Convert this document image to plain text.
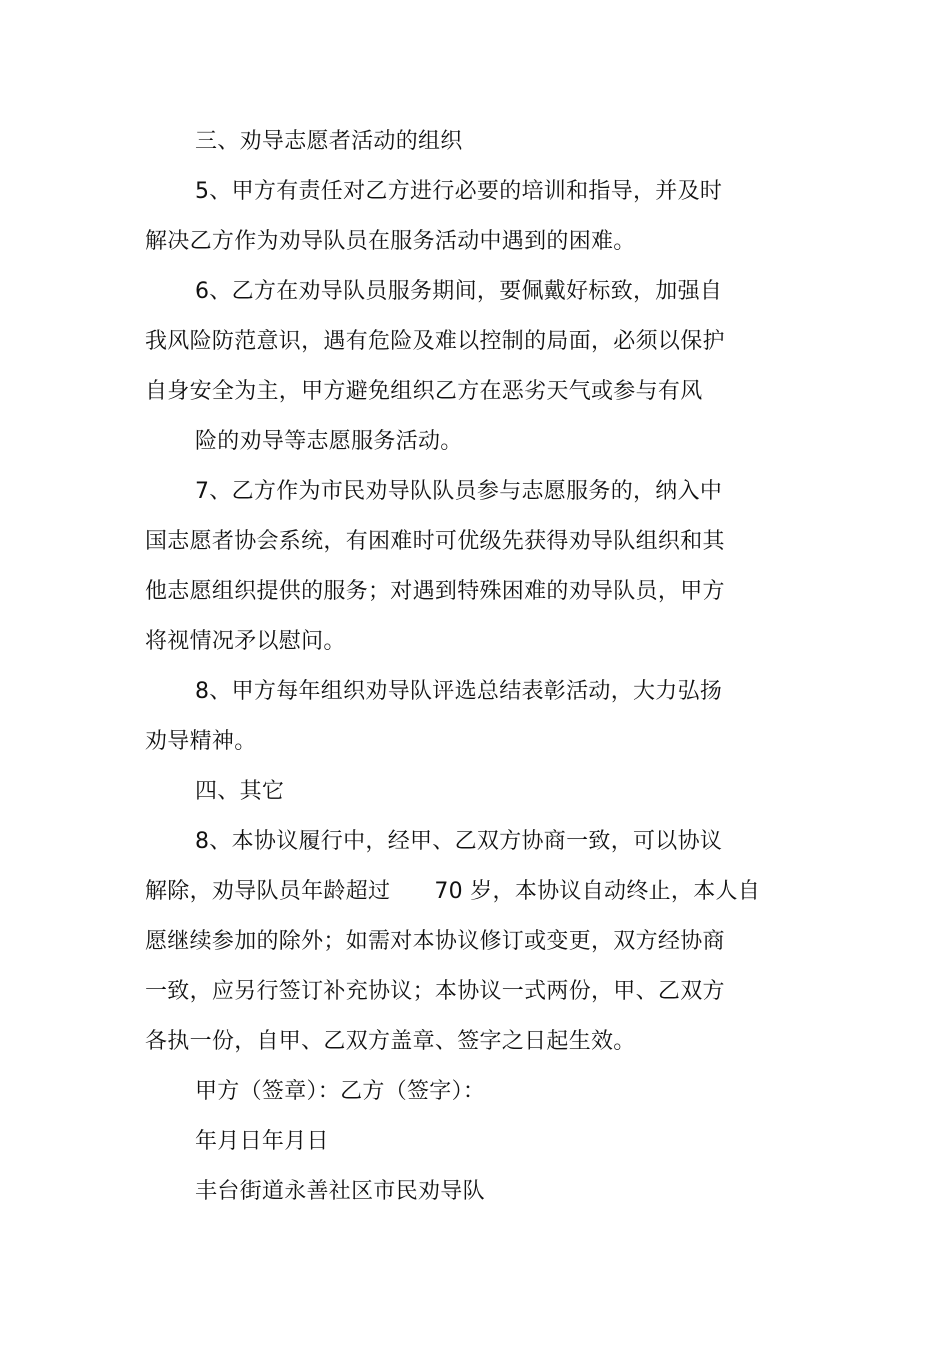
三、劝导志愿者活动的组织
5、甲方有责任对乙方进行必要的培训和指导，并及时
解决乙方作为劝导队员在服务活动中遇到的困难。
6、乙方在劝导队员服务期间，要佩戴好标致，加强自
我风险防范意识，遇有危险及难以控制的局面，必须以保护
自身安全为主，甲方避免组织乙方在恶劣天气或参与有风
险的劝导等志愿服务活动。
7、乙方作为市民劝导队队员参与志愿服务的，纳入中
国志愿者协会系统，有困难时可优级先获得劝导队组织和其
他志愿组织提供的服务；对遇到特殊困难的劝导队员，甲方
将视情况矛以慰问。
8、甲方每年组织劝导队评选总结表彰活动，大力弘扬
劝导精神。
四、其它
8、本协议履行中，经甲、乙双方协商一致，可以协议
解除，劝导队员年龄超过 70 岁，本协议自动终止，本人自
愿继续参加的除外；如需对本协议修订或变更，双方经协商
一致，应另行签订补充协议；本协议一式两份，甲、乙双方
各执一份，自甲、乙双方盖章、签字之日起生效。
甲方（签章）：乙方（签字）：
年月日年月日
丰台街道永善社区市民劝导队
